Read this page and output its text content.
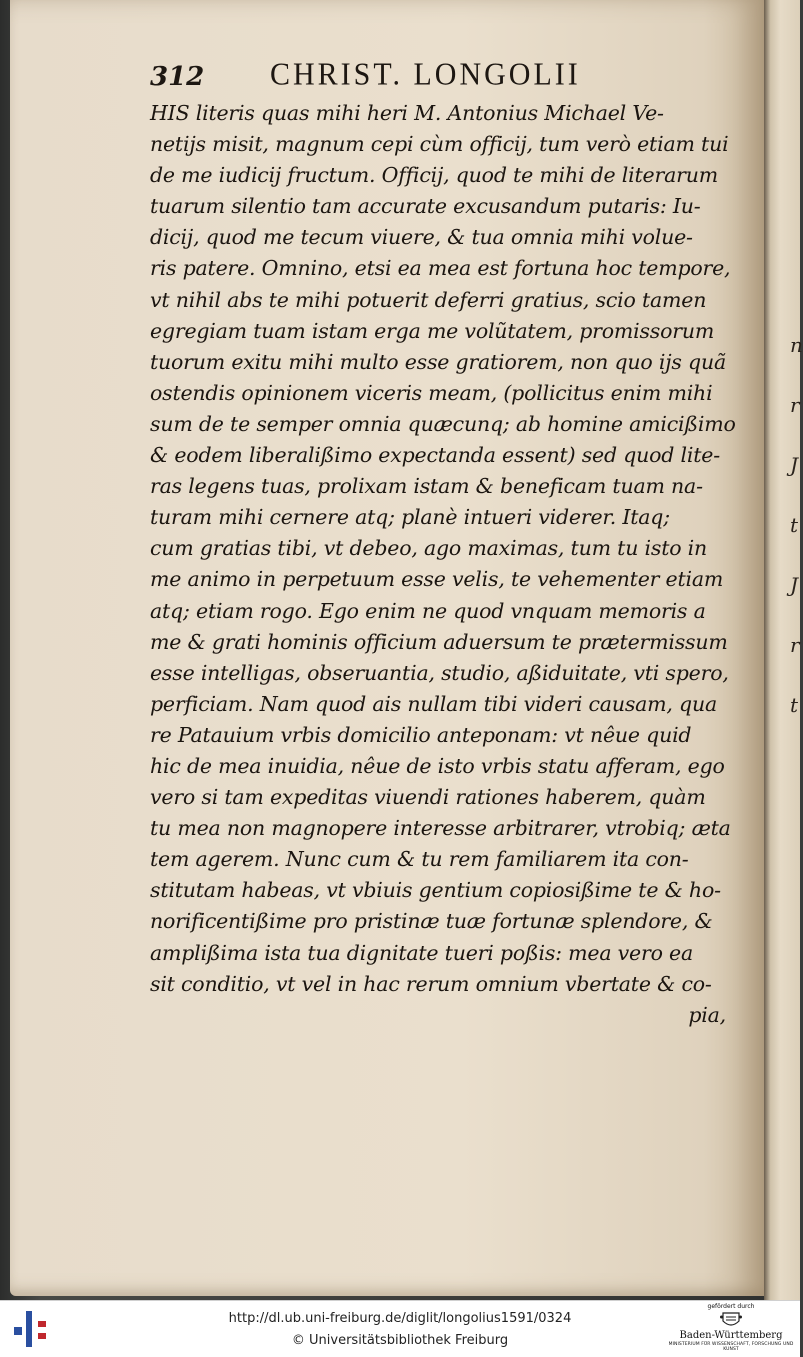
n
r
J
t
J
r
t
312 CHRIST. LONGOLII
HIS literis quas mihi heri M. Antonius Michael Ve-
netijs misit, magnum cepi cùm officij, tum verò etiam tui
de me iudicij fructum. Officij, quod te mihi de literarum
tuarum silentio tam accurate excusandum putaris: Iu-
dicij, quod me tecum viuere, & tua omnia mihi volue-
ris patere. Omnino, etsi ea mea est fortuna hoc tempore,
vt nihil abs te mihi potuerit deferri gratius, scio tamen
egregiam tuam istam erga me volũtatem, promissorum
tuorum exitu mihi multo esse gratiorem, non quo ijs quã
ostendis opinionem viceris meam, (pollicitus enim mihi
sum de te semper omnia quæcunq; ab homine amicißimo
& eodem liberalißimo expectanda essent) sed quod lite-
ras legens tuas, prolixam istam & beneficam tuam na-
turam mihi cernere atq; planè intueri viderer. Itaq;
cum gratias tibi, vt debeo, ago maximas, tum tu isto in
me animo in perpetuum esse velis, te vehementer etiam
atq; etiam rogo. Ego enim ne quod vnquam memoris a
me & grati hominis officium aduersum te prætermissum
esse intelligas, obseruantia, studio, aßiduitate, vti spero,
perficiam. Nam quod ais nullam tibi videri causam, qua
re Patauium vrbis domicilio anteponam: vt nêue quid
hic de mea inuidia, nêue de isto vrbis statu afferam, ego
vero si tam expeditas viuendi rationes haberem, quàm
tu mea non magnopere interesse arbitrarer, vtrobiq; æta
tem agerem. Nunc cum & tu rem familiarem ita con-
stitutam habeas, vt vbiuis gentium copiosißime te & ho-
norificentißime pro pristinæ tuæ fortunæ splendore, &
amplißima ista tua dignitate tueri poßis: mea vero ea
sit conditio, vt vel in hac rerum omnium vbertate & co-
pia,
http://dl.ub.uni-freiburg.de/diglit/longolius1591/0324
© Universitätsbibliothek Freiburg
gefördert durch
Baden-Württemberg
MINISTERIUM FÜR WISSENSCHAFT, FORSCHUNG UND KUNST
